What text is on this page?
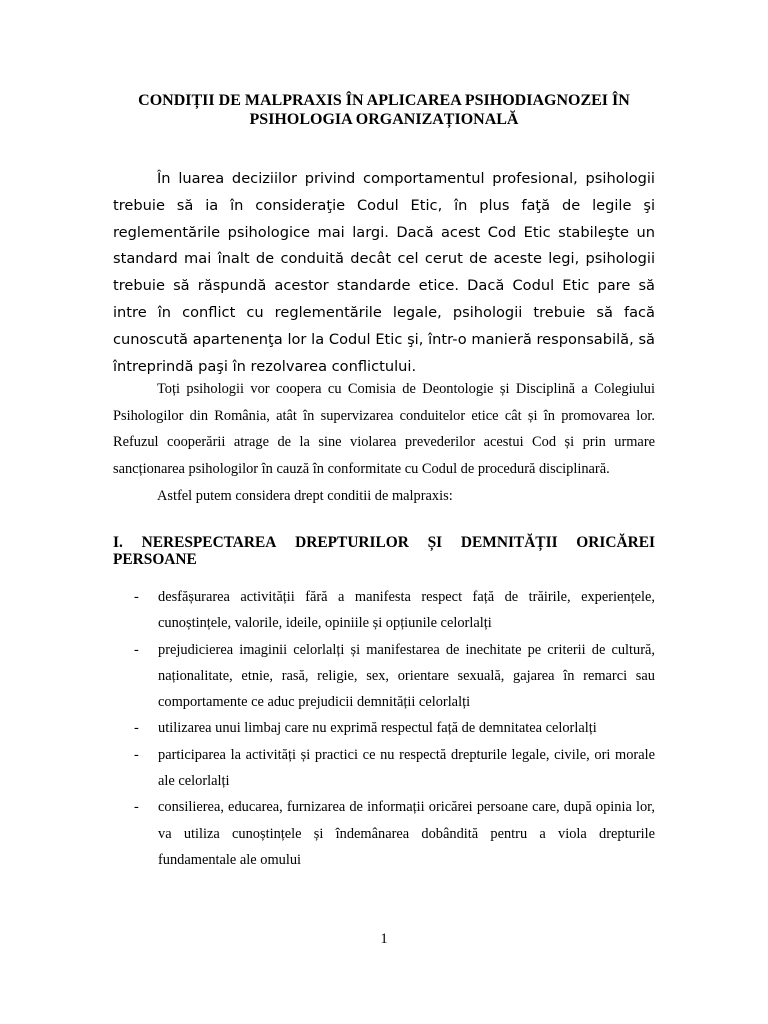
CONDIȚII DE MALPRAXIS ÎN APLICAREA PSIHODIAGNOZEI ÎN
PSIHOLOGIA ORGANIZAȚIONALĂ

În luarea deciziilor privind comportamentul profesional, psihologii trebuie să ia în consideraţie Codul Etic, în plus faţă de legile şi reglementările psihologice mai largi. Dacă acest Cod Etic stabileşte un standard mai înalt de conduită decât cel cerut de aceste legi, psihologii trebuie să răspundă acestor standarde etice. Dacă Codul Etic pare să intre în conflict cu reglementările legale, psihologii trebuie să facă cunoscută apartenenţa lor la Codul Etic şi, într-o manieră responsabilă, să întreprindă paşi în rezolvarea conflictului.

Toți psihologii vor coopera cu Comisia de Deontologie și Disciplină a Colegiului Psihologilor din România, atât în supervizarea conduitelor etice cât și în promovarea lor. Refuzul cooperării atrage de la sine violarea prevederilor acestui Cod și prin urmare sancționarea psihologilor în cauză în conformitate cu Codul de procedură disciplinară.

Astfel putem considera drept conditii de malpraxis:

I. NERESPECTAREA DREPTURILOR ȘI DEMNITĂȚII ORICĂREI
PERSOANE
- desfășurarea activității fără a manifesta respect față de trăirile, experiențele, cunoștințele, valorile, ideile, opiniile și opțiunile celorlalți
- prejudicierea imaginii celorlalți și manifestarea de inechitate pe criterii de cultură, naționalitate, etnie, rasă, religie, sex, orientare sexuală, gajarea în remarci sau comportamente ce aduc prejudicii demnității celorlalți
- utilizarea unui limbaj care nu exprimă respectul față de demnitatea celorlalți
- participarea la activități și practici ce nu respectă drepturile legale, civile, ori morale ale celorlalți
- consilierea, educarea, furnizarea de informații oricărei persoane care, după opinia lor, va utiliza cunoștințele și îndemânarea dobândită pentru a viola drepturile fundamentale ale omului
1
